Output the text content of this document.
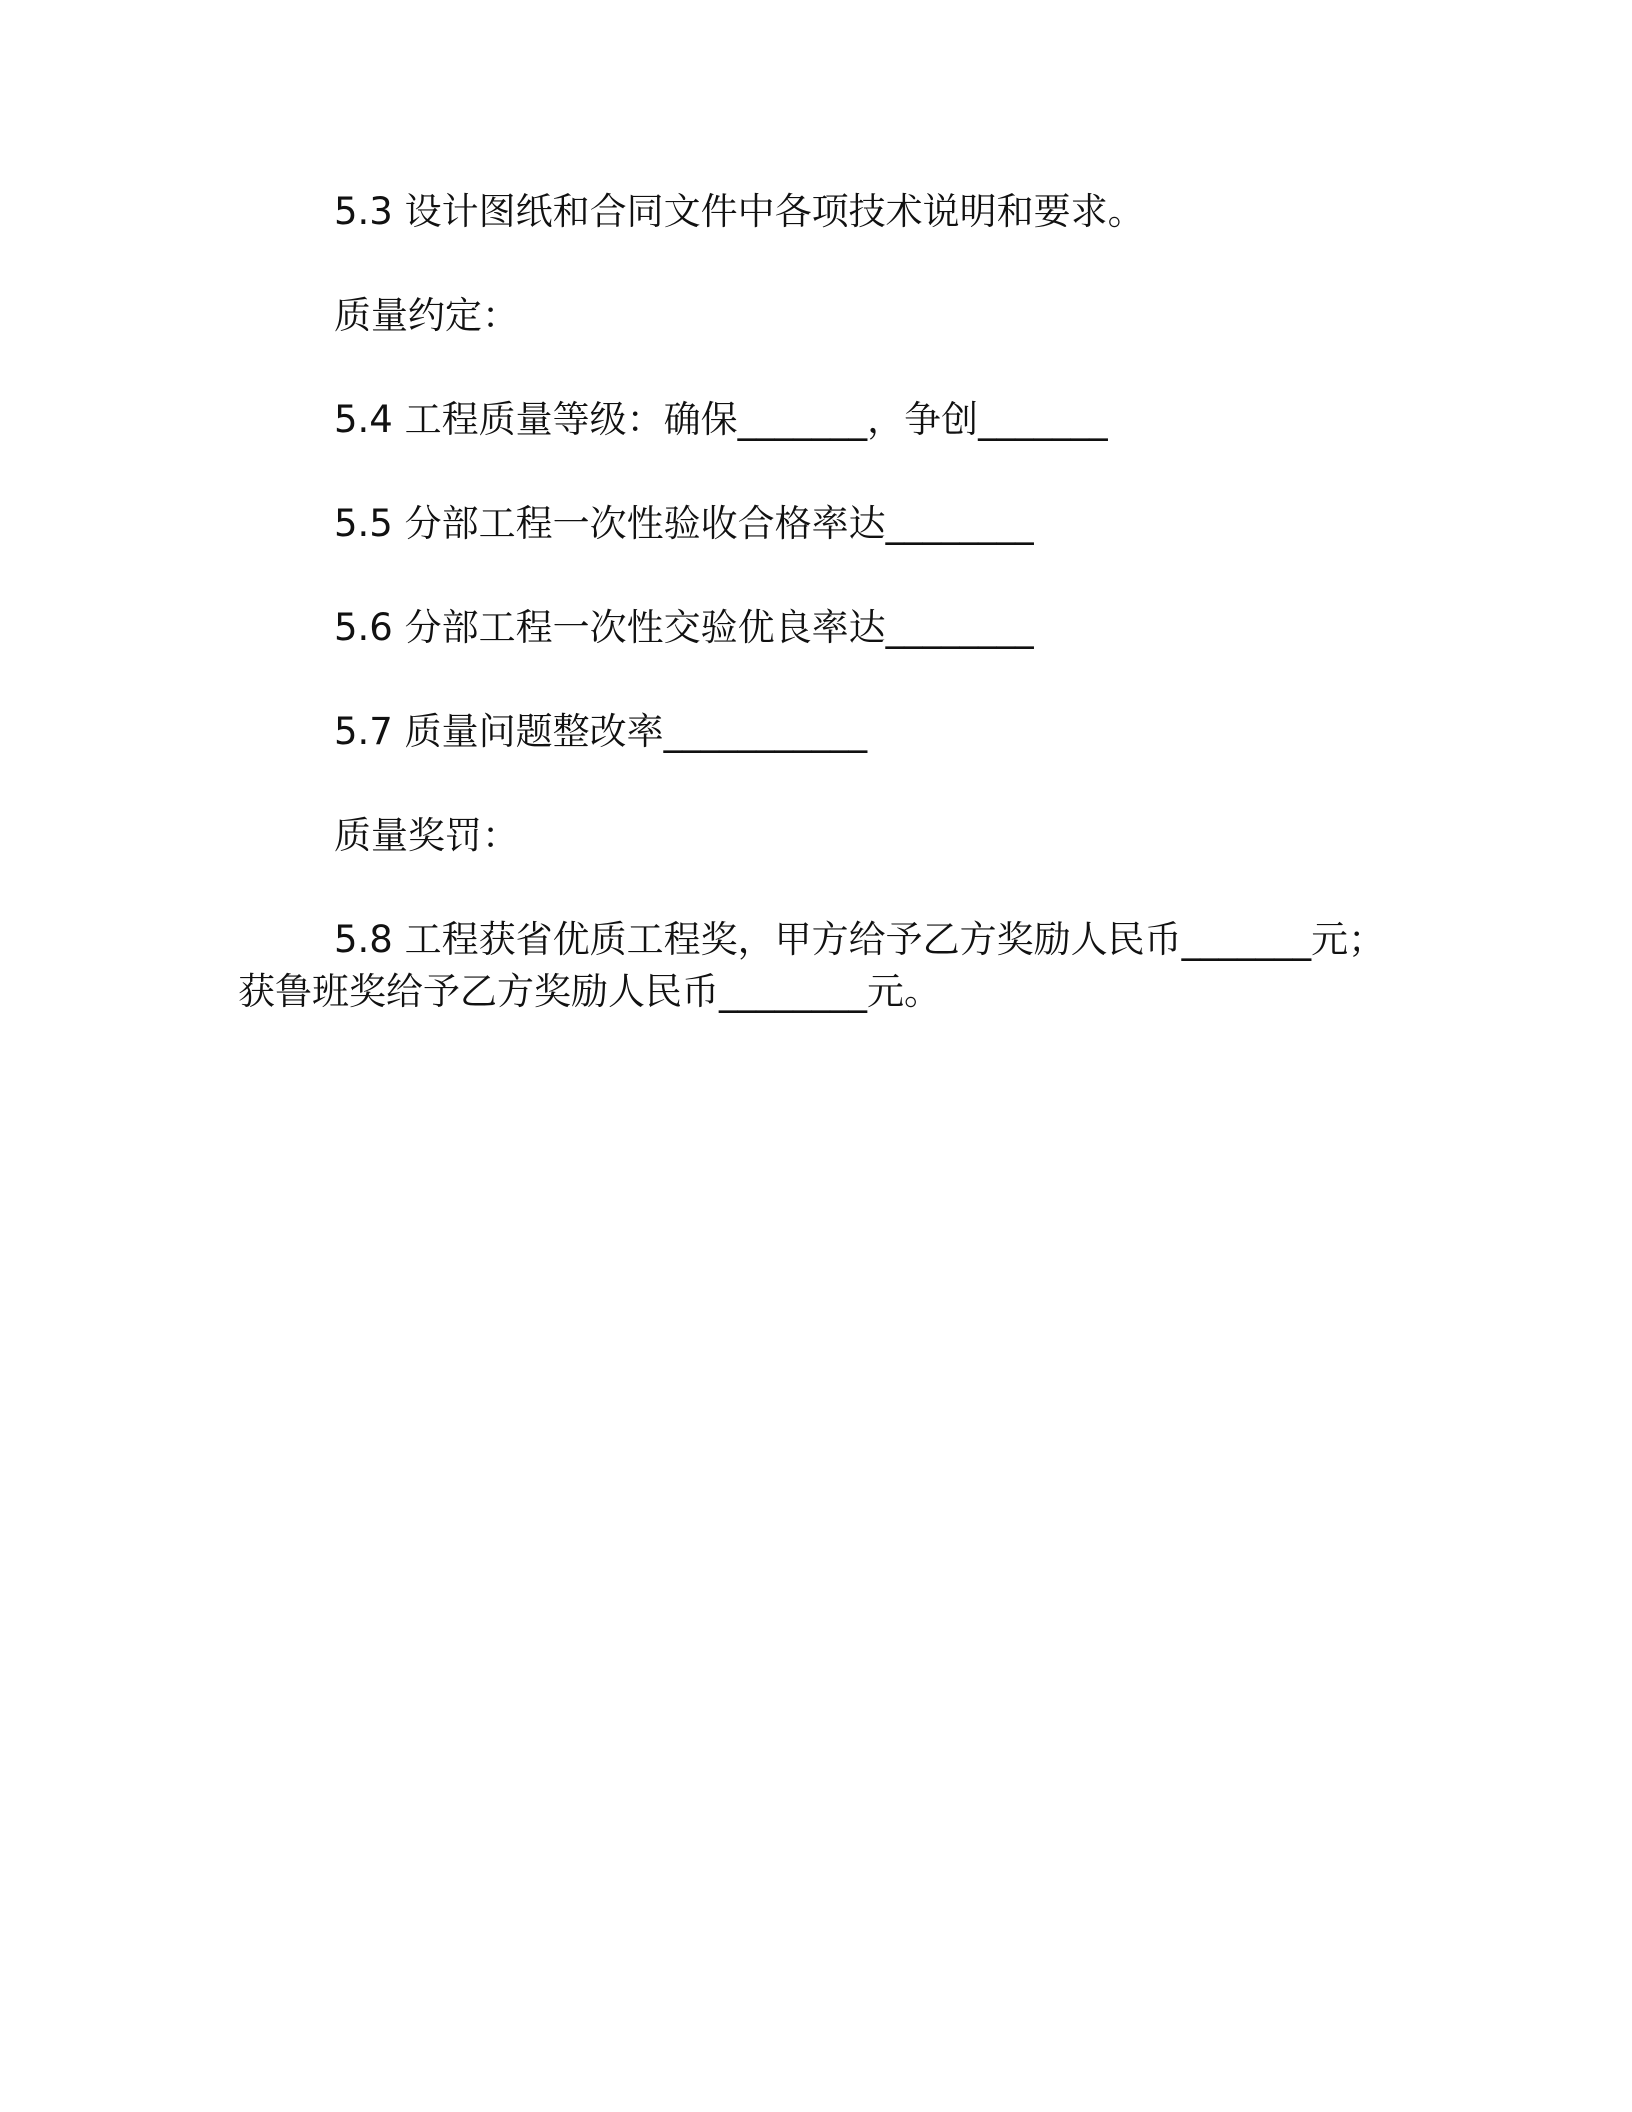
5.3 设计图纸和合同文件中各项技术说明和要求。

质量约定：

5.4 工程质量等级：确保_______，争创_______

5.5 分部工程一次性验收合格率达________

5.6 分部工程一次性交验优良率达________

5.7 质量问题整改率___________

质量奖罚：

5.8 工程获省优质工程奖，甲方给予乙方奖励人民币_______元；获鲁班奖给予乙方奖励人民币________元。
